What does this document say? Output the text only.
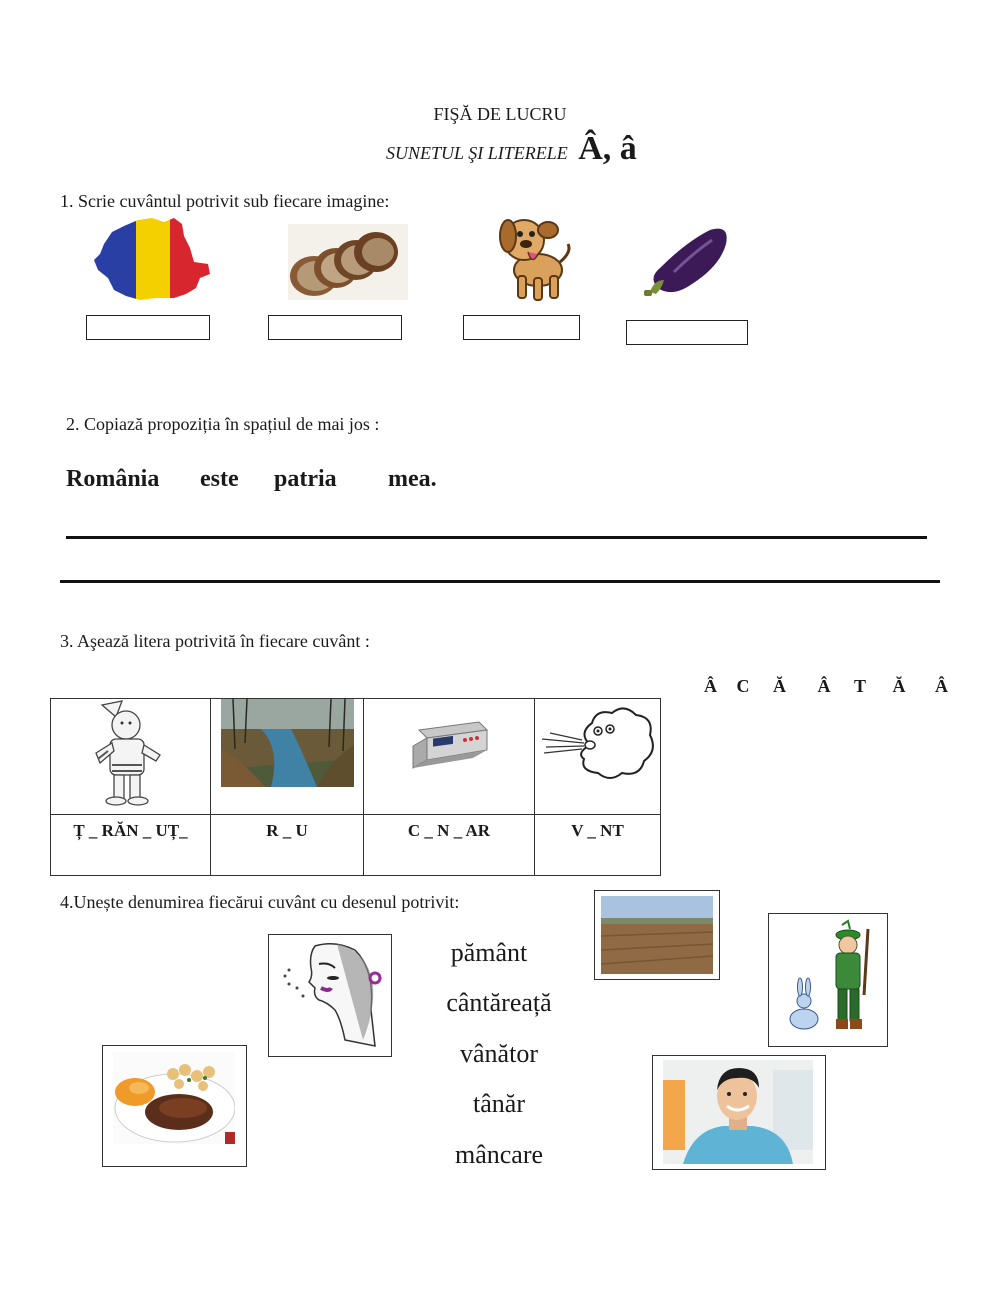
FIŞĂ DE LUCRU
SUNETUL ŞI LITERELE Â, â
1. Scrie cuvântul potrivit sub fiecare imagine:
2. Copiază propoziția în spațiul de mai jos :
România este patria mea.
3. Aşează litera potrivită în fiecare cuvânt :
Â C Ă Â T Ă Â

Ț _ RĂN _ UȚ_	R _ U	C _ N _ AR	V _ NT
4.Unește denumirea fiecărui cuvânt cu desenul potrivit:
pământ
cântăreață
vânător
tânăr
mâncare
